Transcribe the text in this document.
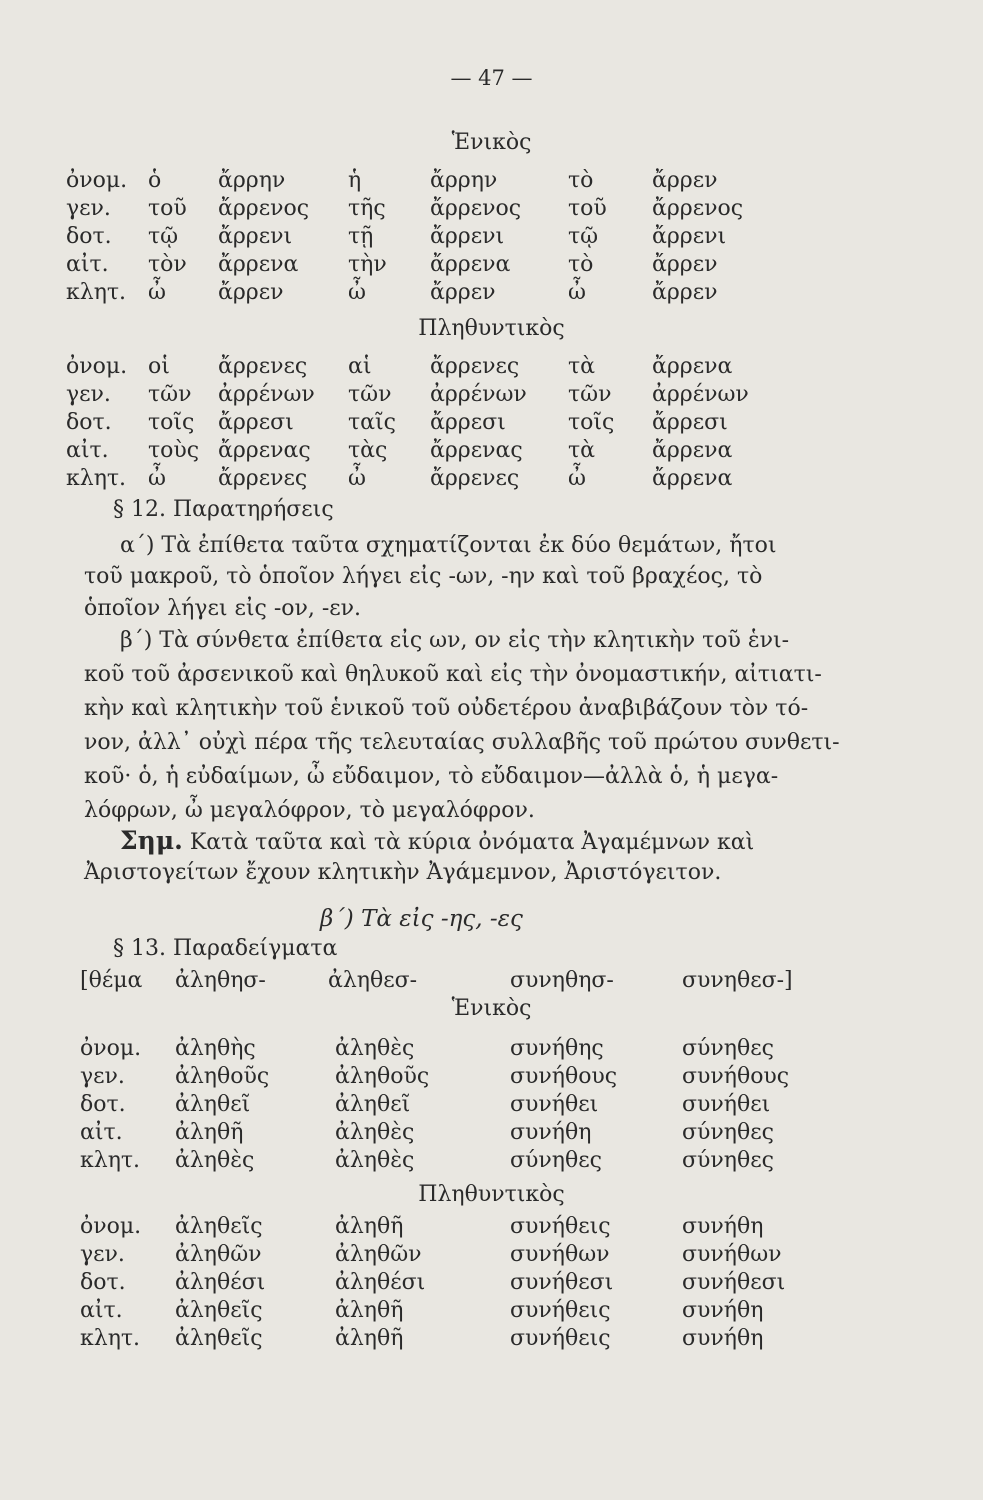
— 47 —
Ἑνικὸς
ὀνομ. ὁ	ἄρρην	ἡ	ἄρρην	τὸ	ἄρρεν
γεν. τοῦ ἄρρενος τῆς ἄρρενος τοῦ ἄρρενος
δοτ. τῷ ἄρρενι	τῇ	ἄρρενι	τῷ ἄρρενι
αἰτ. τὸν ἄρρενα τὴν ἄρρενα	τὸ	ἄρρεν
κλητ. ὦ ἄρρεν	ὦ	ἄρρεν	ὦ	ἄρρεν
Πληθυντικὸς
ὀνομ. οἱ ἄρρενες αἱ	ἄρρενες τὰ	ἄρρενα
γεν. τῶν ἀρρένων τῶν ἀρρένων τῶν ἀρρένων
δοτ. τοῖς ἄρρεσι ταῖς ἄρρεσι	τοῖς ἄρρεσι
αἰτ. τοὺς ἄρρενας τὰς ἄρρενας τὰ	ἄρρενα
κλητ. ὦ ἄρρενες ὦ	ἄρρενες ὦ	ἄρρενα
§ 12. Παρατηρήσεις
α΄) Τὰ ἐπίθετα ταῦτα σχηματίζονται ἐκ δύο θεμάτων, ἤτοι
τοῦ μακροῦ, τὸ ὁποῖον λήγει εἰς -ων, -ην καὶ τοῦ βραχέος, τὸ
ὁποῖον λήγει εἰς -ον, -εν.
β΄) Τὰ σύνθετα ἐπίθετα εἰς ων, ον εἰς τὴν κλητικὴν τοῦ ἑνι-
κοῦ τοῦ ἀρσενικοῦ καὶ θηλυκοῦ καὶ εἰς τὴν ὀνομαστικήν, αἰτιατι-
κὴν καὶ κλητικὴν τοῦ ἑνικοῦ τοῦ οὐδετέρου ἀναβιβάζουν τὸν τό-
νον, ἀλλ᾽ οὐχὶ πέρα τῆς τελευταίας συλλαβῆς τοῦ πρώτου συνθετι-
κοῦ· ὁ, ἡ εὐδαίμων, ὦ εὔδαιμον, τὸ εὔδαιμον—ἀλλὰ ὁ, ἡ μεγα-
λόφρων, ὦ μεγαλόφρον, τὸ μεγαλόφρον.
Σημ. Κατὰ ταῦτα καὶ τὰ κύρια ὀνόματα Ἀγαμέμνων καὶ
Ἀριστογείτων ἔχουν κλητικὴν Ἀγάμεμνον, Ἀριστόγειτον.
β΄) Τὰ εἰς -ης, -ες
§ 13. Παραδείγματα
[θέμα ἀληθησ-	ἀληθεσ-	συνηθησ-	συνηθεσ-]
Ἑνικὸς
ὀνομ. ἀληθὴς	ἀληθὲς	συνήθης	σύνηθες
γεν. ἀληθοῦς	ἀληθοῦς	συνήθους	συνήθους
δοτ. ἀληθεῖ	ἀληθεῖ	συνήθει	συνήθει
αἰτ. ἀληθῆ	ἀληθὲς	συνήθη	σύνηθες
κλητ. ἀληθὲς	ἀληθὲς	σύνηθες	σύνηθες
Πληθυντικὸς
ὀνομ. ἀληθεῖς	ἀληθῆ	συνήθεις	συνήθη
γεν. ἀληθῶν	ἀληθῶν	συνήθων	συνήθων
δοτ. ἀληθέσι	ἀληθέσι	συνήθεσι	συνήθεσι
αἰτ. ἀληθεῖς	ἀληθῆ	συνήθεις	συνήθη
κλητ. ἀληθεῖς	ἀληθῆ	συνήθεις	συνήθη
